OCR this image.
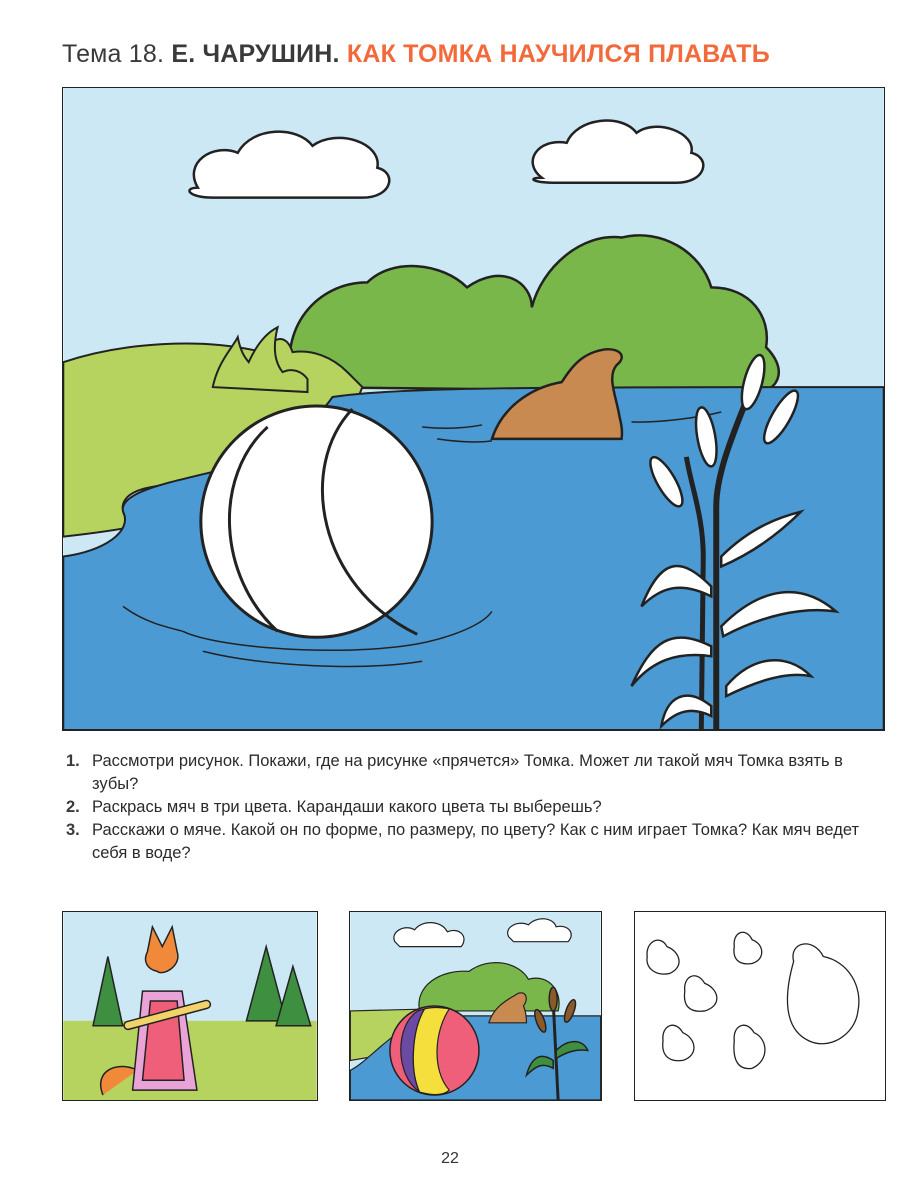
Тема 18. Е. ЧАРУШИН. КАК ТОМКА НАУЧИЛСЯ ПЛАВАТЬ
1. Рассмотри рисунок. Покажи, где на рисунке «прячется» Томка. Может ли такой мяч Томка взять в зубы?
2. Раскрась мяч в три цвета. Карандаши какого цвета ты выберешь?
3. Расскажи о мяче. Какой он по форме, по размеру, по цвету? Как с ним играет Томка? Как мяч ведет себя в воде?
22
